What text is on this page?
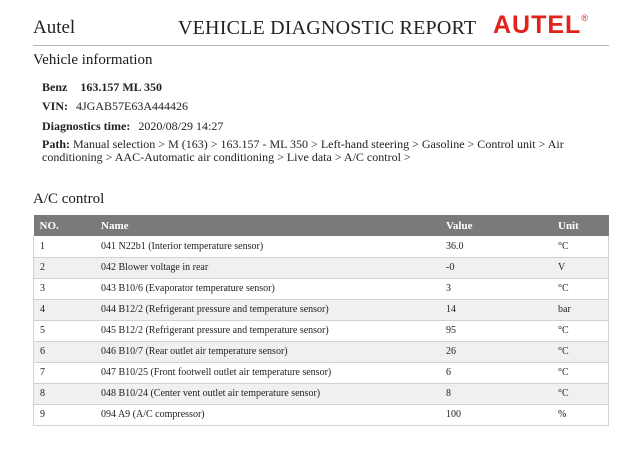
Autel	VEHICLE DIAGNOSTIC REPORT AUTEL®
Vehicle information
Benz 163.157 ML 350
VIN: 4JGAB57E63A444426
Diagnostics time: 2020/08/29 14:27
Path: Manual selection > M (163) > 163.157 - ML 350 > Left-hand steering > Gasoline > Control unit > Air conditioning > AAC-Automatic air conditioning > Live data > A/C control >
A/C control
NO.	Name	Value	Unit
1	041 N22b1 (Interior temperature sensor)	36.0	°C
2	042 Blower voltage in rear	-0	V
3	043 B10/6 (Evaporator temperature sensor)	3	°C
4	044 B12/2 (Refrigerant pressure and temperature sensor)	14	bar
5	045 B12/2 (Refrigerant pressure and temperature sensor)	95	°C
6	046 B10/7 (Rear outlet air temperature sensor)	26	°C
7	047 B10/25 (Front footwell outlet air temperature sensor)	6	°C
8	048 B10/24 (Center vent outlet air temperature sensor)	8	°C
9	094 A9 (A/C compressor)	100	%
